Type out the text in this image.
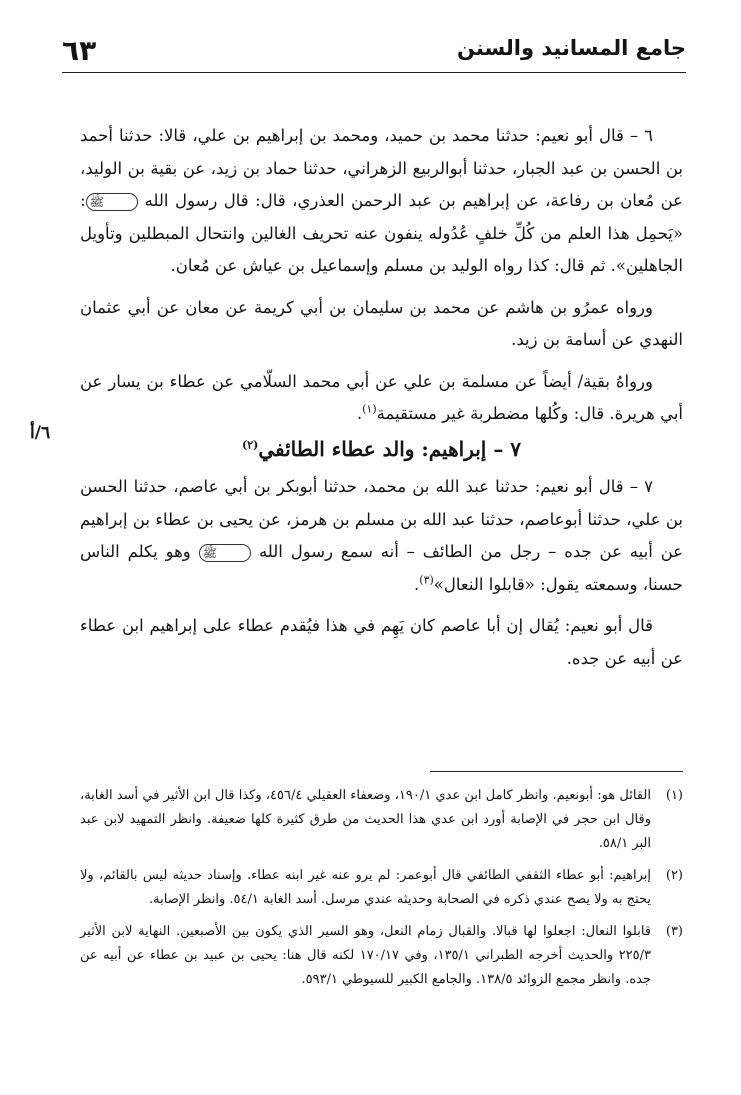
٦٣	جامع المسانيد والسنن
٦/أ

٦ – قال أبو نعيم: حدثنا محمد بن حميد، ومحمد بن إبراهيم بن علي، قالا: حدثنا أحمد بن الحسن بن عبد الجبار، حدثنا أبوالربيع الزهراني، حدثنا حماد بن زيد، عن بقية بن الوليد، عن مُعان بن رفاعة، عن إبراهيم بن عبد الرحمن العذري، قال: قال رسول الله ﷺ: «يَحمِل هذا العلم من كُلِّ خلفٍ عُدُوله ينفون عنه تحريف الغالين وانتحال المبطلين وتأويل الجاهلين». ثم قال: كذا رواه الوليد بن مسلم وإسماعيل بن عياش عن مُعان.

ورواه عمرُو بن هاشم عن محمد بن سليمان بن أبي كريمة عن معان عن أبي عثمان النهدي عن أسامة بن زيد.

ورواهُ بقية/ أيضاً عن مسلمة بن علي عن أبي محمد السلّامي عن عطاء بن يسار عن أبي هريرة. قال: وكُلها مضطربة غير مستقيمة$^{(١)}$.

٧ – إبراهيم: والد عطاء الطائفي$^{(٢)}$

٧ – قال أبو نعيم: حدثنا عبد الله بن محمد، حدثنا أبوبكر بن أبي عاصم، حدثنا الحسن بن علي، حدثنا أبوعاصم، حدثنا عبد الله بن مسلم بن هرمز، عن يحيى بن عطاء بن إبراهيم عن أبيه عن جده – رجل من الطائف – أنه سمع رسول الله ﷺ وهو يكلم الناس حسنا، وسمعته يقول: «قابلوا النعال»$^{(٣)}$.

قال أبو نعيم: يُقال إن أبا عاصم كان يَهِم في هذا فيُقدم عطاء على إبراهيم ابن عطاء عن أبيه عن جده.

(١)
القائل هو: أبونعيم. وانظر كامل ابن عدي ١٩٠/١، وضعفاء العقيلي ٤٥٦/٤، وكذا قال ابن الأثير في أسد الغابة، وقال ابن حجر في الإصابة أورد ابن عدي هذا الحديث من طرق كثيرة كلها ضعيفة. وانظر التمهيد لابن عبد البر ٥٨/١.
(٢)
إبراهيم: أبو عطاء الثقفي الطائفي قال أبوعمر: لم يرو عنه غير ابنه عطاء. وإسناد حديثه ليس بالقائم، ولا يحتج به ولا يصح عندي ذكره في الصحابة وحديثه عندي مرسل. أسد الغابة ٥٤/١. وانظر الإصابة.
(٣)
قابلوا النعال: اجعلوا لها قبالا. والقبال زمام النعل، وهو السير الذي يكون بين الأصبعين. النهاية لابن الأثير ٢٢٥/٣ والحديث أخرجه الطبراني ١٣٥/١، وفي ١٧٠/١٧ لكنه قال هنا: يحيى بن عبيد بن عطاء عن أبيه عن جده. وانظر مجمع الزوائد ١٣٨/٥. والجامع الكبير للسيوطي ٥٩٣/١.
